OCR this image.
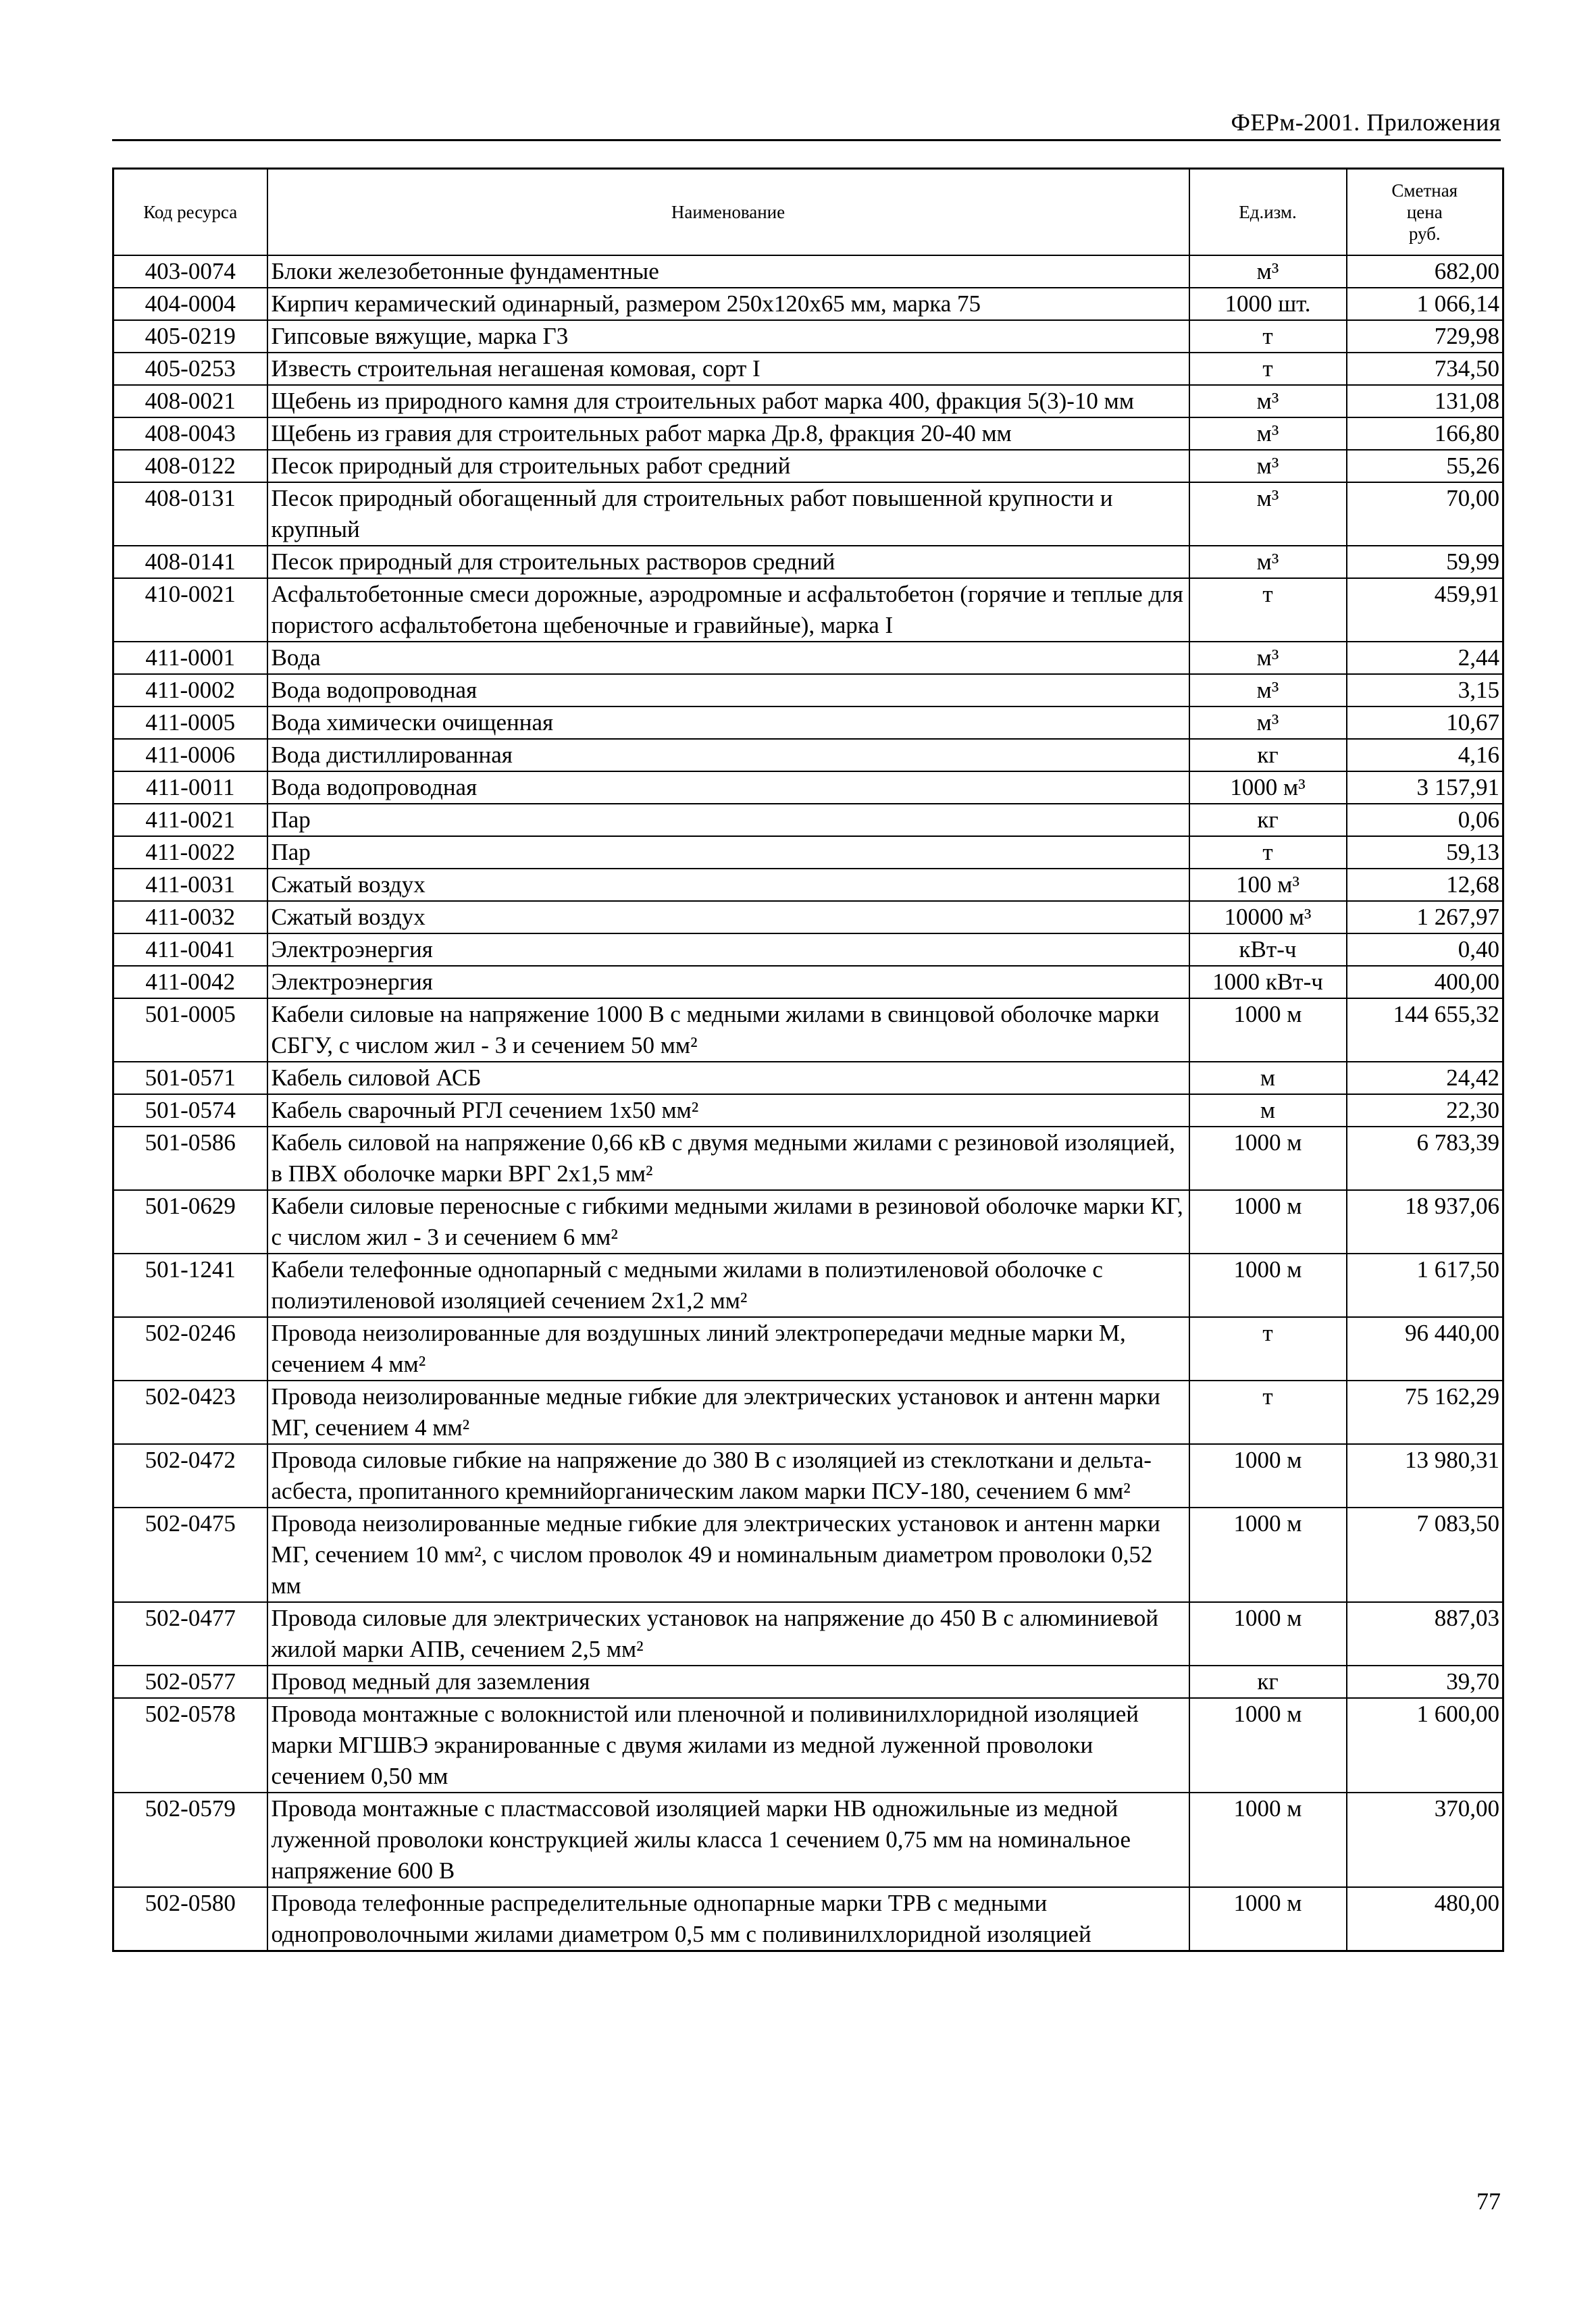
ФЕРм-2001. Приложения
Код ресурса	Наименование	Ед.изм.	Сметная
цена
руб.
403-0074	Блоки железобетонные фундаментные	м³	682,00
404-0004	Кирпич керамический одинарный, размером 250х120х65 мм, марка 75	1000 шт.	1 066,14
405-0219	Гипсовые вяжущие, марка Г3	т	729,98
405-0253	Известь строительная негашеная комовая, сорт I	т	734,50
408-0021	Щебень из природного камня для строительных работ марка 400, фракция 5(3)-10 мм	м³	131,08
408-0043	Щебень из гравия для строительных работ марка Др.8, фракция 20-40 мм	м³	166,80
408-0122	Песок природный для строительных работ средний	м³	55,26
408-0131	Песок природный обогащенный для строительных работ повышенной крупности и крупный	м³	70,00
408-0141	Песок природный для строительных растворов средний	м³	59,99
410-0021	Асфальтобетонные смеси дорожные, аэродромные и асфальтобетон (горячие и теплые для пористого асфальтобетона щебеночные и гравийные), марка I	т	459,91
411-0001	Вода	м³	2,44
411-0002	Вода водопроводная	м³	3,15
411-0005	Вода химически очищенная	м³	10,67
411-0006	Вода дистиллированная	кг	4,16
411-0011	Вода водопроводная	1000 м³	3 157,91
411-0021	Пар	кг	0,06
411-0022	Пар	т	59,13
411-0031	Сжатый воздух	100 м³	12,68
411-0032	Сжатый воздух	10000 м³	1 267,97
411-0041	Электроэнергия	кВт-ч	0,40
411-0042	Электроэнергия	1000 кВт-ч	400,00
501-0005	Кабели силовые на напряжение 1000 В с медными жилами в свинцовой оболочке марки СБГУ, с числом жил - 3 и сечением 50 мм²	1000 м	144 655,32
501-0571	Кабель силовой АСБ	м	24,42
501-0574	Кабель сварочный РГЛ сечением 1х50 мм²	м	22,30
501-0586	Кабель силовой на напряжение 0,66 кВ с двумя медными жилами с резиновой изоляцией, в ПВХ оболочке марки ВРГ 2х1,5 мм²	1000 м	6 783,39
501-0629	Кабели силовые переносные с гибкими медными жилами в резиновой оболочке марки КГ, с числом жил - 3 и сечением 6 мм²	1000 м	18 937,06
501-1241	Кабели телефонные однопарный с медными жилами в полиэтиленовой оболочке с полиэтиленовой изоляцией сечением 2х1,2 мм²	1000 м	1 617,50
502-0246	Провода неизолированные для воздушных линий электропередачи медные марки М, сечением 4 мм²	т	96 440,00
502-0423	Провода неизолированные медные гибкие для электрических установок и антенн марки МГ, сечением 4 мм²	т	75 162,29
502-0472	Провода силовые гибкие на напряжение до 380 В с изоляцией из стеклоткани и дельта-асбеста, пропитанного кремнийорганическим лаком марки ПСУ-180, сечением 6 мм²	1000 м	13 980,31
502-0475	Провода неизолированные медные гибкие для электрических установок и антенн марки МГ, сечением 10 мм², с числом проволок 49 и номинальным диаметром проволоки 0,52 мм	1000 м	7 083,50
502-0477	Провода силовые для электрических установок на напряжение до 450 В с алюминиевой жилой марки АПВ, сечением 2,5 мм²	1000 м	887,03
502-0577	Провод медный для заземления	кг	39,70
502-0578	Провода монтажные с волокнистой или пленочной и поливинилхлоридной изоляцией марки МГШВЭ экранированные с двумя жилами из медной луженной проволоки сечением 0,50 мм	1000 м	1 600,00
502-0579	Провода монтажные с пластмассовой изоляцией марки НВ одножильные из медной луженной проволоки конструкцией жилы класса 1 сечением 0,75 мм на номинальное напряжение 600 В	1000 м	370,00
502-0580	Провода телефонные распределительные однопарные марки ТРВ с медными однопроволочными жилами диаметром 0,5 мм с поливинилхлоридной изоляцией	1000 м	480,00
77
